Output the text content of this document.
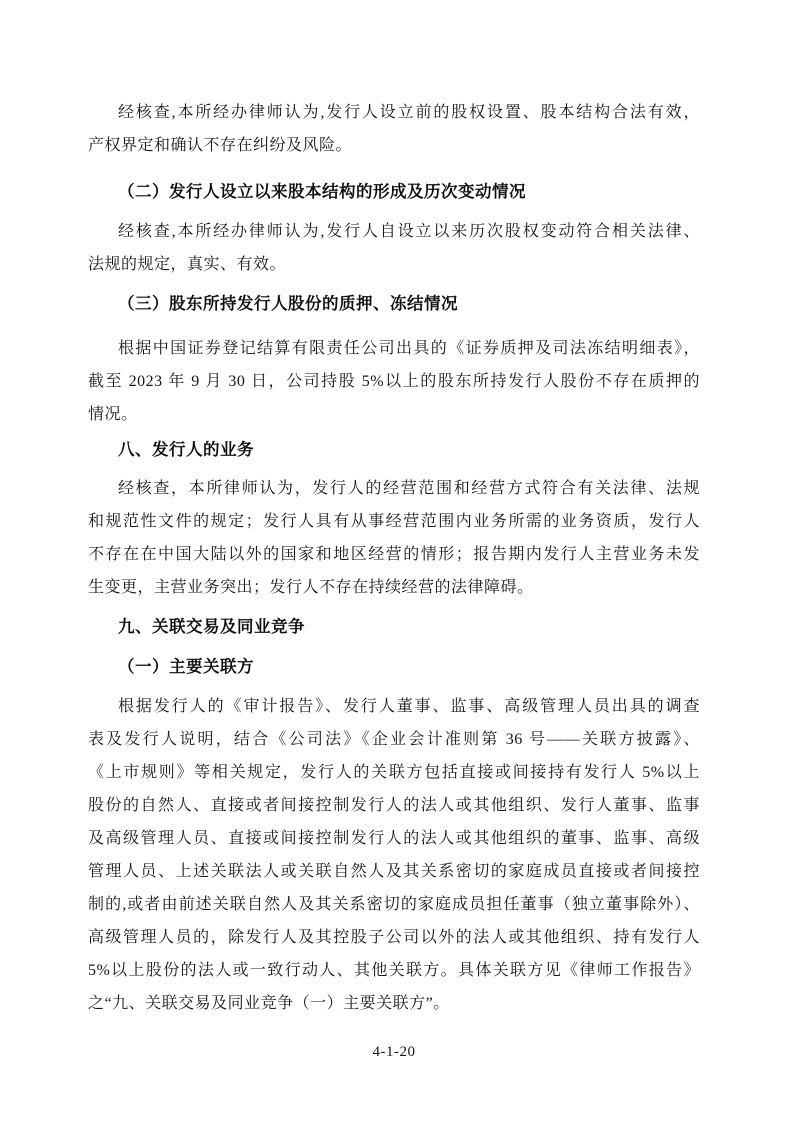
经核查,本所经办律师认为,发行人设立前的股权设置、股本结构合法有效，
产权界定和确认不存在纠纷及风险。
（二）发行人设立以来股本结构的形成及历次变动情况
经核查,本所经办律师认为,发行人自设立以来历次股权变动符合相关法律、
法规的规定，真实、有效。
（三）股东所持发行人股份的质押、冻结情况
根据中国证券登记结算有限责任公司出具的《证券质押及司法冻结明细表》，
截至 2023 年 9 月 30 日，公司持股 5%以上的股东所持发行人股份不存在质押的
情况。
八、发行人的业务
经核查，本所律师认为，发行人的经营范围和经营方式符合有关法律、法规
和规范性文件的规定；发行人具有从事经营范围内业务所需的业务资质，发行人
不存在在中国大陆以外的国家和地区经营的情形；报告期内发行人主营业务未发
生变更，主营业务突出；发行人不存在持续经营的法律障碍。
九、关联交易及同业竞争
（一）主要关联方
根据发行人的《审计报告》、发行人董事、监事、高级管理人员出具的调查
表及发行人说明，结合《公司法》《企业会计准则第 36 号——关联方披露》、
《上市规则》等相关规定，发行人的关联方包括直接或间接持有发行人 5%以上
股份的自然人、直接或者间接控制发行人的法人或其他组织、发行人董事、监事
及高级管理人员、直接或间接控制发行人的法人或其他组织的董事、监事、高级
管理人员、上述关联法人或关联自然人及其关系密切的家庭成员直接或者间接控
制的,或者由前述关联自然人及其关系密切的家庭成员担任董事（独立董事除外）、
高级管理人员的，除发行人及其控股子公司以外的法人或其他组织、持有发行人
5%以上股份的法人或一致行动人、其他关联方。具体关联方见《律师工作报告》
之“九、关联交易及同业竞争（一）主要关联方”。
4-1-20
